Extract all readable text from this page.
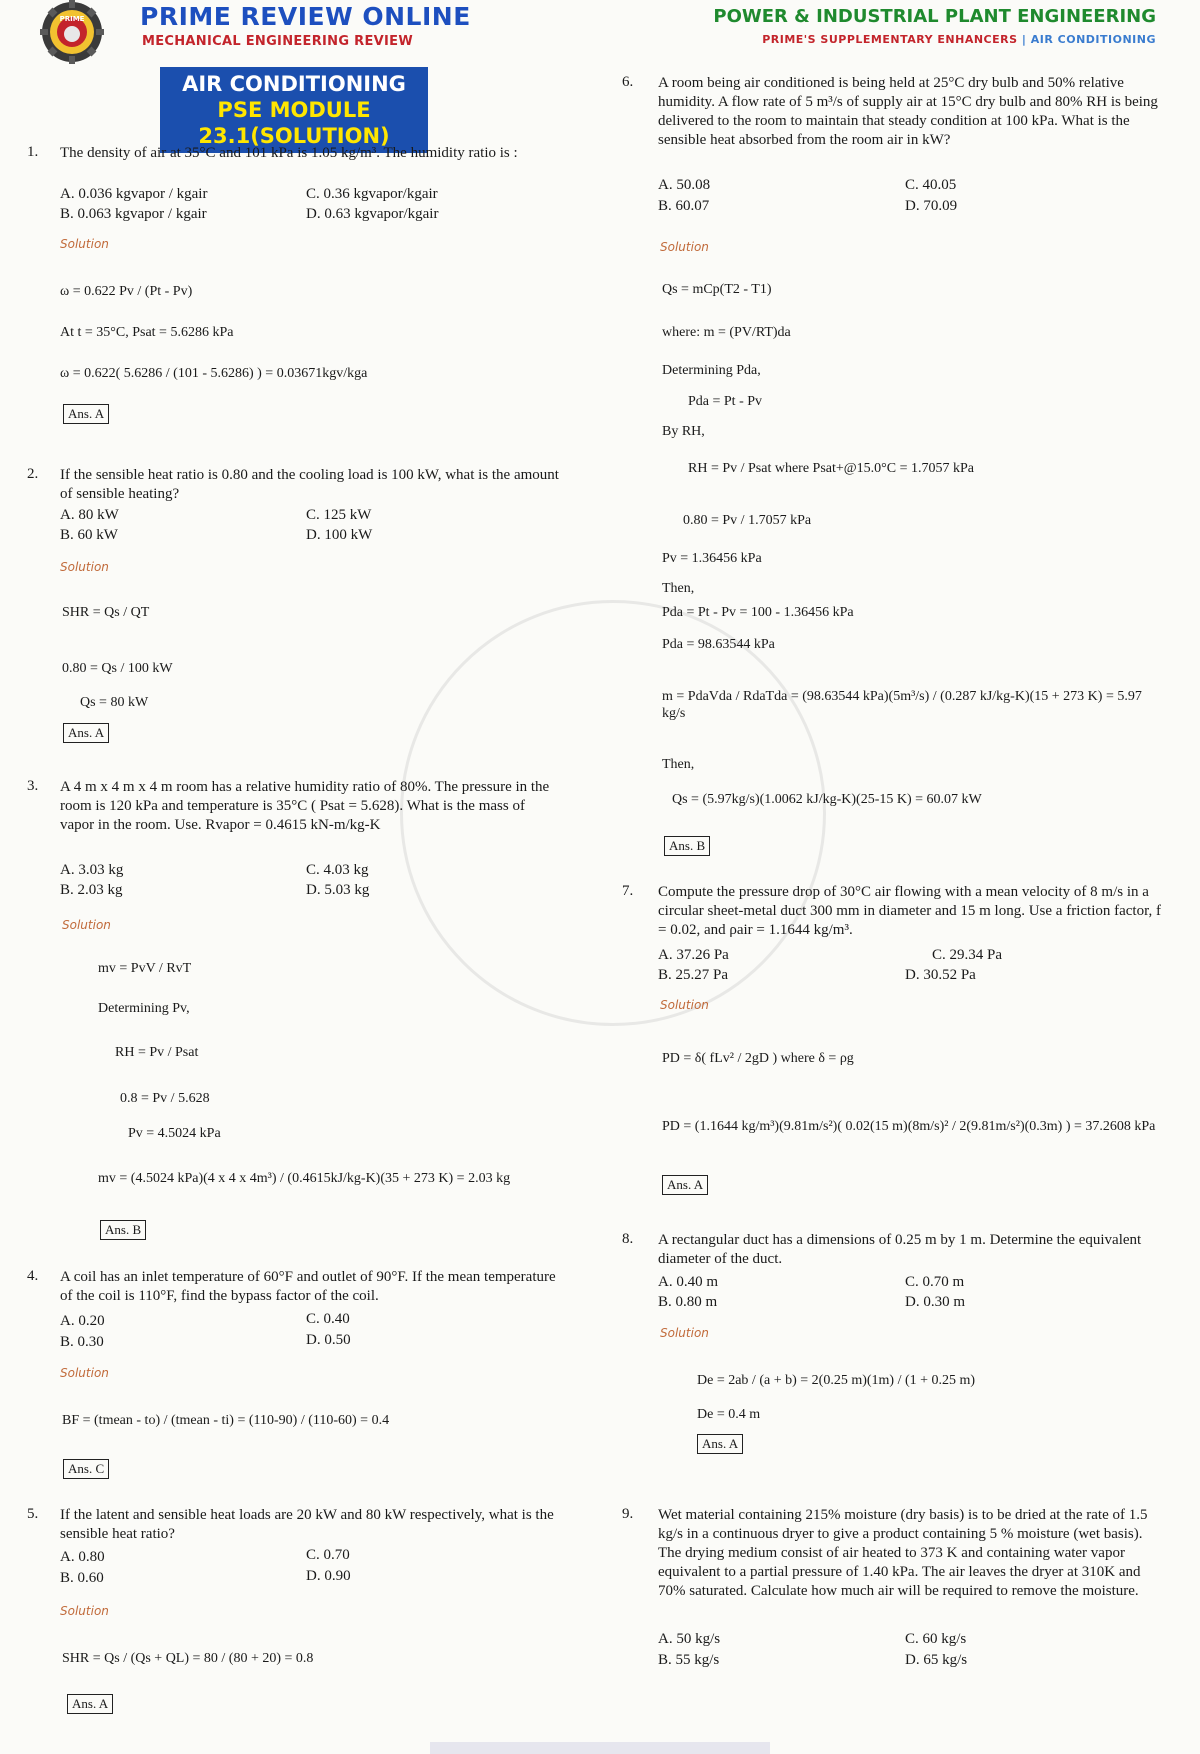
PRIME PRIME REVIEW ONLINE
MECHANICAL ENGINEERING REVIEW
POWER & INDUSTRIAL PLANT ENGINEERING
PRIME'S SUPPLEMENTARY ENHANCERS | AIR CONDITIONING
AIR CONDITIONING
PSE MODULE 23.1(SOLUTION)
1. The density of air at 35°C and 101 kPa is 1.05 kg/m³. The humidity ratio is :
A. 0.036 kgvapor / kgair	C. 0.36 kgvapor/kgair
B. 0.063 kgvapor / kgair	D. 0.63 kgvapor/kgair
Solution
ω = 0.622 Pv / (Pt - Pv)
At t = 35°C, Psat = 5.6286 kPa
ω = 0.622( 5.6286 / (101 - 5.6286) ) = 0.03671kgv/kga
Ans. A
2. If the sensible heat ratio is 0.80 and the cooling load is 100 kW, what is the amount of sensible heating?
A. 80 kW	C. 125 kW
B. 60 kW	D. 100 kW
Solution
SHR = Qs / QT
0.80 = Qs / 100 kW
Qs = 80 kW
Ans. A
3. A 4 m x 4 m x 4 m room has a relative humidity ratio of 80%. The pressure in the room is 120 kPa and temperature is 35°C ( Psat = 5.628). What is the mass of vapor in the room. Use. Rvapor = 0.4615 kN-m/kg-K
A. 3.03 kg	C. 4.03 kg
B. 2.03 kg	D. 5.03 kg
Solution
mv = PvV / RvT
Determining Pv,
RH = Pv / Psat
0.8 = Pv / 5.628
Pv = 4.5024 kPa
mv = (4.5024 kPa)(4 x 4 x 4m³) / (0.4615kJ/kg-K)(35 + 273 K) = 2.03 kg
Ans. B
4. A coil has an inlet temperature of 60°F and outlet of 90°F. If the mean temperature of the coil is 110°F, find the bypass factor of the coil.
A. 0.20	C. 0.40
B. 0.30	D. 0.50
Solution
BF = (tmean - to) / (tmean - ti) = (110-90) / (110-60) = 0.4
Ans. C
5. If the latent and sensible heat loads are 20 kW and 80 kW respectively, what is the sensible heat ratio?
A. 0.80	C. 0.70
B. 0.60	D. 0.90
Solution
SHR = Qs / (Qs + QL) = 80 / (80 + 20) = 0.8
Ans. A
6. A room being air conditioned is being held at 25°C dry bulb and 50% relative humidity. A flow rate of 5 m³/s of supply air at 15°C dry bulb and 80% RH is being delivered to the room to maintain that steady condition at 100 kPa. What is the sensible heat absorbed from the room air in kW?
A. 50.08	C. 40.05
B. 60.07	D. 70.09
Solution
Qs = mCp(T2 - T1)
where: m = (PV/RT)da
Determining Pda,
Pda = Pt - Pv
By RH,
RH = Pv / Psat where Psat+@15.0°C = 1.7057 kPa
0.80 = Pv / 1.7057 kPa
Pv = 1.36456 kPa
Then,
Pda = Pt - Pv = 100 - 1.36456 kPa
Pda = 98.63544 kPa
m = PdaVda / RdaTda = (98.63544 kPa)(5m³/s) / (0.287 kJ/kg-K)(15 + 273 K) = 5.97 kg/s
Then,
Qs = (5.97kg/s)(1.0062 kJ/kg-K)(25-15 K) = 60.07 kW
Ans. B
7. Compute the pressure drop of 30°C air flowing with a mean velocity of 8 m/s in a circular sheet-metal duct 300 mm in diameter and 15 m long. Use a friction factor, f = 0.02, and ρair = 1.1644 kg/m³.
A. 37.26 Pa	C. 29.34 Pa
B. 25.27 Pa	D. 30.52 Pa
Solution
PD = δ( fLv² / 2gD ) where δ = ρg
PD = (1.1644 kg/m³)(9.81m/s²)( 0.02(15 m)(8m/s)² / 2(9.81m/s²)(0.3m) ) = 37.2608 kPa
Ans. A
8. A rectangular duct has a dimensions of 0.25 m by 1 m. Determine the equivalent diameter of the duct.
A. 0.40 m	C. 0.70 m
B. 0.80 m	D. 0.30 m
Solution
De = 2ab / (a + b) = 2(0.25 m)(1m) / (1 + 0.25 m)
De = 0.4 m
Ans. A
9. Wet material containing 215% moisture (dry basis) is to be dried at the rate of 1.5 kg/s in a continuous dryer to give a product containing 5 % moisture (wet basis). The drying medium consist of air heated to 373 K and containing water vapor equivalent to a partial pressure of 1.40 kPa. The air leaves the dryer at 310K and 70% saturated. Calculate how much air will be required to remove the moisture.
A. 50 kg/s	C. 60 kg/s
B. 55 kg/s	D. 65 kg/s
